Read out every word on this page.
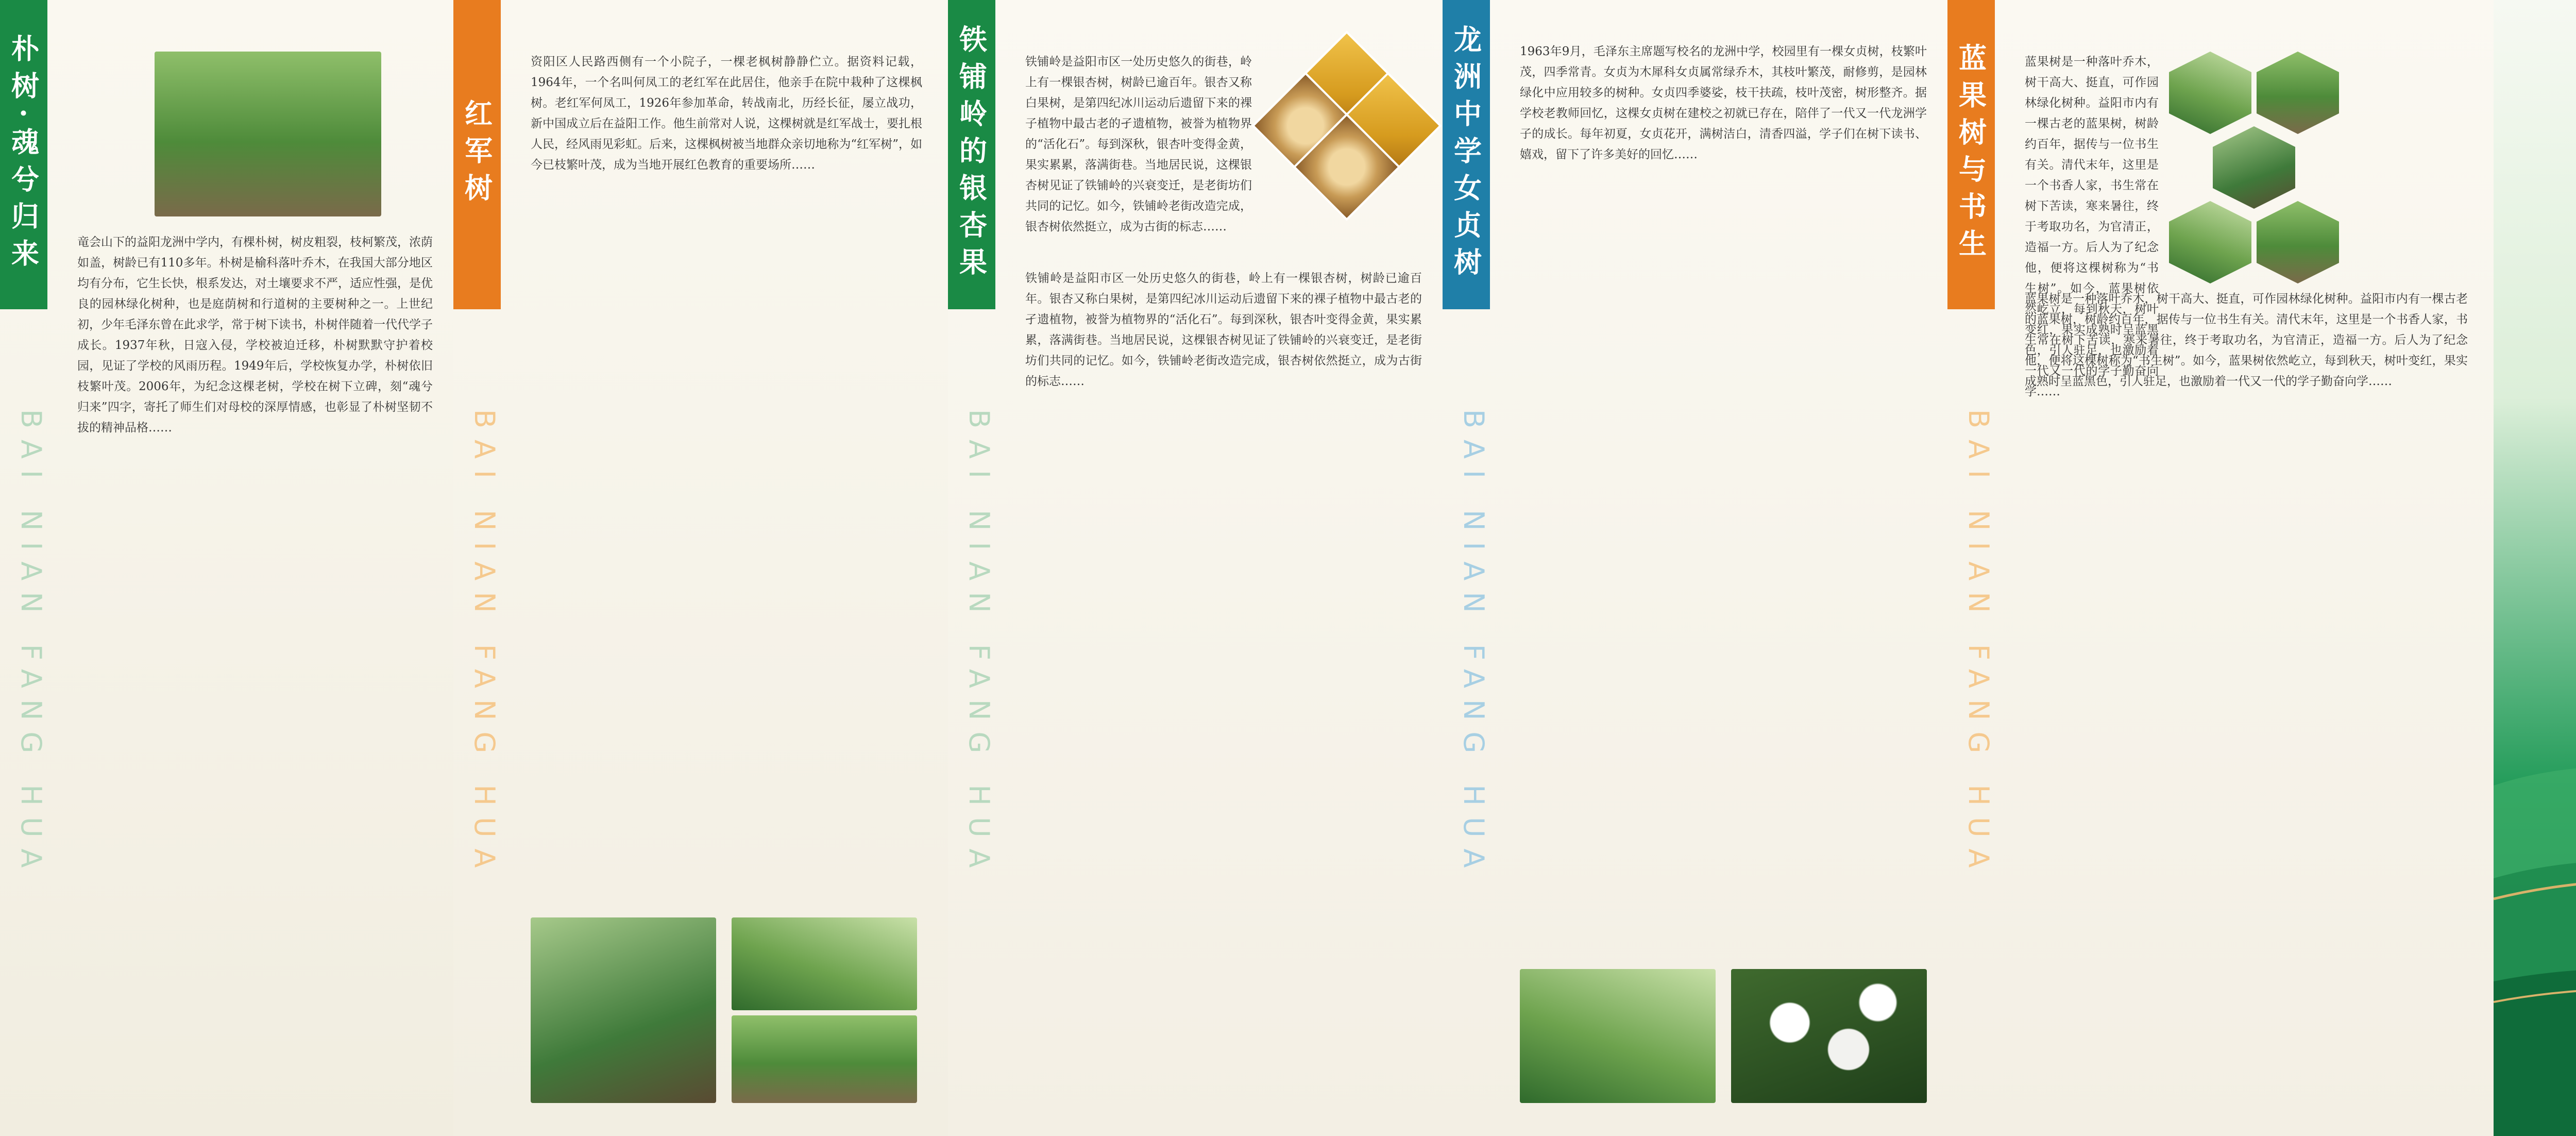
朴树·魂兮归来
BAI NIAN FANG HUA
竜会山下的益阳龙洲中学内，有棵朴树，树皮粗裂，枝柯繁茂，浓荫如盖，树龄已有110多年。朴树是榆科落叶乔木，在我国大部分地区均有分布，它生长快，根系发达，对土壤要求不严，适应性强，是优良的园林绿化树种，也是庭荫树和行道树的主要树种之一。上世纪初，少年毛泽东曾在此求学，常于树下读书，朴树伴随着一代代学子成长。1937年秋，日寇入侵，学校被迫迁移，朴树默默守护着校园，见证了学校的风雨历程。1949年后，学校恢复办学，朴树依旧枝繁叶茂。2006年，为纪念这棵老树，学校在树下立碑，刻“魂兮归来”四字，寄托了师生们对母校的深厚情感，也彰显了朴树坚韧不拔的精神品格……
红军树
BAI NIAN FANG HUA
资阳区人民路西侧有一个小院子，一棵老枫树静静伫立。据资料记载，1964年，一个名叫何凤工的老红军在此居住，他亲手在院中栽种了这棵枫树。老红军何凤工，1926年参加革命，转战南北，历经长征，屡立战功，新中国成立后在益阳工作。他生前常对人说，这棵树就是红军战士，要扎根人民，经风雨见彩虹。后来，这棵枫树被当地群众亲切地称为“红军树”，如今已枝繁叶茂，成为当地开展红色教育的重要场所……	铁铺岭的银杏果
BAI NIAN FANG HUA
铁铺岭是益阳市区一处历史悠久的街巷，岭上有一棵银杏树，树龄已逾百年。银杏又称白果树，是第四纪冰川运动后遗留下来的裸子植物中最古老的孑遗植物，被誉为植物界的“活化石”。每到深秋，银杏叶变得金黄，果实累累，落满街巷。当地居民说，这棵银杏树见证了铁铺岭的兴衰变迁，是老街坊们共同的记忆。如今，铁铺岭老街改造完成，银杏树依然挺立，成为古街的标志……
铁铺岭是益阳市区一处历史悠久的街巷，岭上有一棵银杏树，树龄已逾百年。银杏又称白果树，是第四纪冰川运动后遗留下来的裸子植物中最古老的孑遗植物，被誉为植物界的“活化石”。每到深秋，银杏叶变得金黄，果实累累，落满街巷。当地居民说，这棵银杏树见证了铁铺岭的兴衰变迁，是老街坊们共同的记忆。如今，铁铺岭老街改造完成，银杏树依然挺立，成为古街的标志……
龙洲中学女贞树
BAI NIAN FANG HUA
1963年9月，毛泽东主席题写校名的龙洲中学，校园里有一棵女贞树，枝繁叶茂，四季常青。女贞为木犀科女贞属常绿乔木，其枝叶繁茂，耐修剪，是园林绿化中应用较多的树种。女贞四季婆娑，枝干扶疏，枝叶茂密，树形整齐。据学校老教师回忆，这棵女贞树在建校之初就已存在，陪伴了一代又一代龙洲学子的成长。每年初夏，女贞花开，满树洁白，清香四溢，学子们在树下读书、嬉戏，留下了许多美好的回忆……	蓝果树与书生
BAI NIAN FANG HUA
蓝果树是一种落叶乔木，树干高大、挺直，可作园林绿化树种。益阳市内有一棵古老的蓝果树，树龄约百年，据传与一位书生有关。清代末年，这里是一个书香人家，书生常在树下苦读，寒来暑往，终于考取功名，为官清正，造福一方。后人为了纪念他，便将这棵树称为“书生树”。如今，蓝果树依然屹立，每到秋天，树叶变红，果实成熟时呈蓝黑色，引人驻足，也激励着一代又一代的学子勤奋向学……
蓝果树是一种落叶乔木，树干高大、挺直，可作园林绿化树种。益阳市内有一棵古老的蓝果树，树龄约百年，据传与一位书生有关。清代末年，这里是一个书香人家，书生常在树下苦读，寒来暑往，终于考取功名，为官清正，造福一方。后人为了纪念他，便将这棵树称为“书生树”。如今，蓝果树依然屹立，每到秋天，树叶变红，果实成熟时呈蓝黑色，引人驻足，也激励着一代又一代的学子勤奋向学……
